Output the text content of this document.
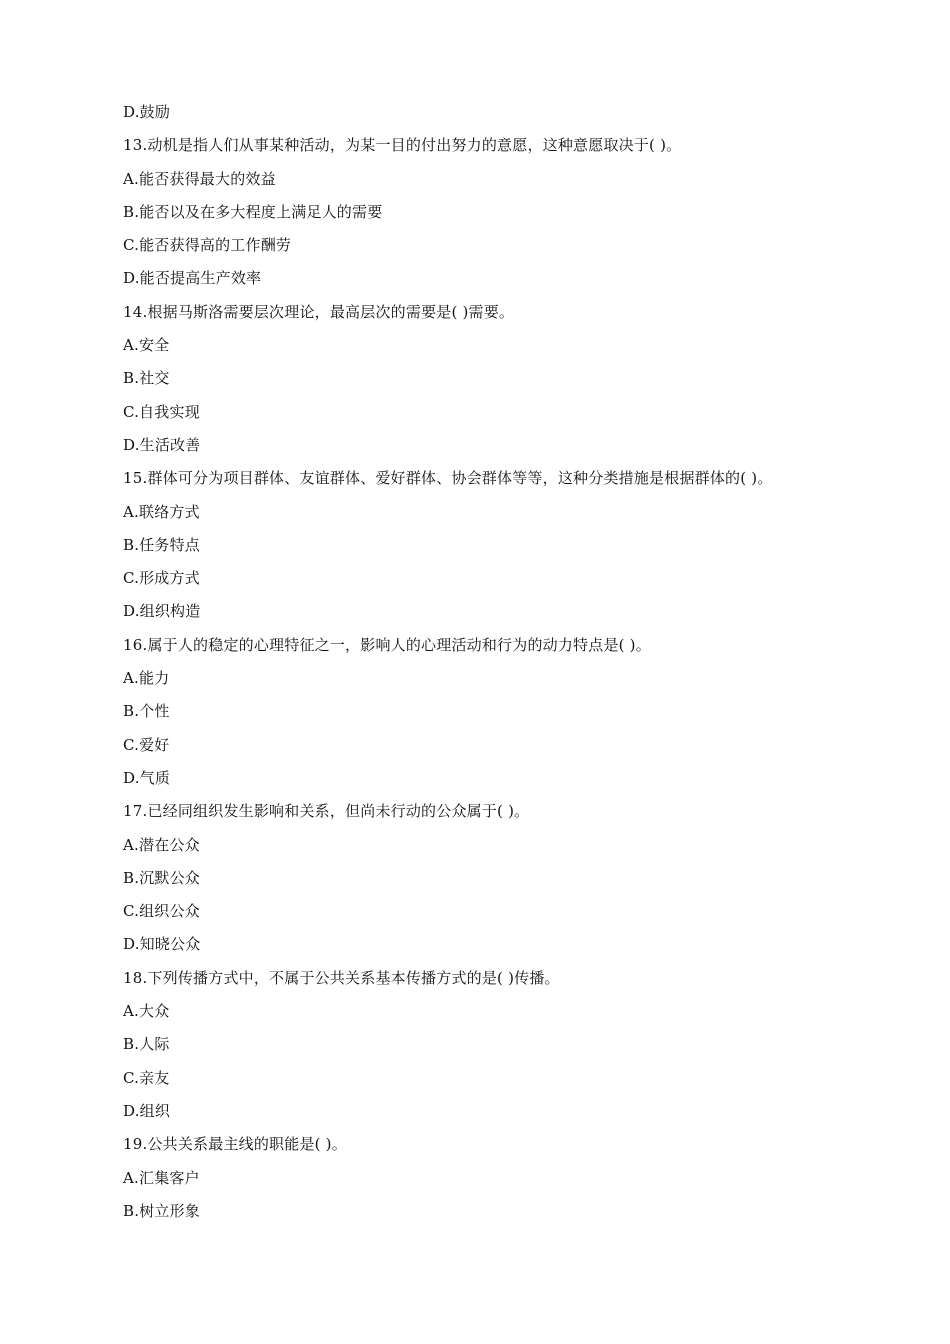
D.鼓励
13.动机是指人们从事某种活动，为某一目的付出努力的意愿，这种意愿取决于( )。
A.能否获得最大的效益
B.能否以及在多大程度上满足人的需要
C.能否获得高的工作酬劳
D.能否提高生产效率
14.根据马斯洛需要层次理论，最高层次的需要是( )需要。
A.安全
B.社交
C.自我实现
D.生活改善
15.群体可分为项目群体、友谊群体、爱好群体、协会群体等等，这种分类措施是根据群体的( )。
A.联络方式
B.任务特点
C.形成方式
D.组织构造
16.属于人的稳定的心理特征之一，影响人的心理活动和行为的动力特点是( )。
A.能力
B.个性
C.爱好
D.气质
17.已经同组织发生影响和关系，但尚未行动的公众属于( )。
A.潜在公众
B.沉默公众
C.组织公众
D.知晓公众
18.下列传播方式中，不属于公共关系基本传播方式的是( )传播。
A.大众
B.人际
C.亲友
D.组织
19.公共关系最主线的职能是( )。
A.汇集客户
B.树立形象
